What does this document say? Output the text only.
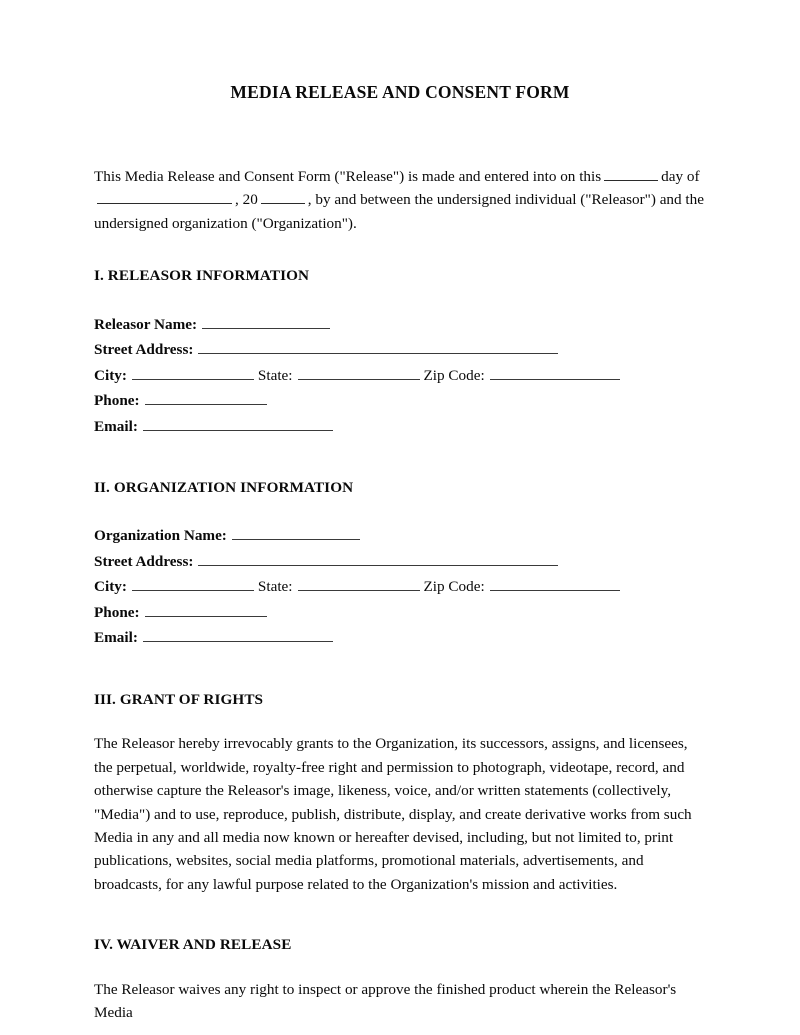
MEDIA RELEASE AND CONSENT FORM

This Media Release and Consent Form ("Release") is made and entered into on this	day of , 20	, by and between the undersigned individual ("Releasor") and the undersigned organization ("Organization").

I. RELEASOR INFORMATION
Releasor Name:
Street Address:
City:	State:	Zip Code:
Phone:
Email:
II. ORGANIZATION INFORMATION
Organization Name:
Street Address:
City:	State:	Zip Code:
Phone:
Email:
III. GRANT OF RIGHTS

The Releasor hereby irrevocably grants to the Organization, its successors, assigns, and licensees, the perpetual, worldwide, royalty-free right and permission to photograph, videotape, record, and otherwise capture the Releasor's image, likeness, voice, and/or written statements (collectively, "Media") and to use, reproduce, publish, distribute, display, and create derivative works from such Media in any and all media now known or hereafter devised, including, but not limited to, print publications, websites, social media platforms, promotional materials, advertisements, and broadcasts, for any lawful purpose related to the Organization's mission and activities.

IV. WAIVER AND RELEASE

The Releasor waives any right to inspect or approve the finished product wherein the Releasor's Media
